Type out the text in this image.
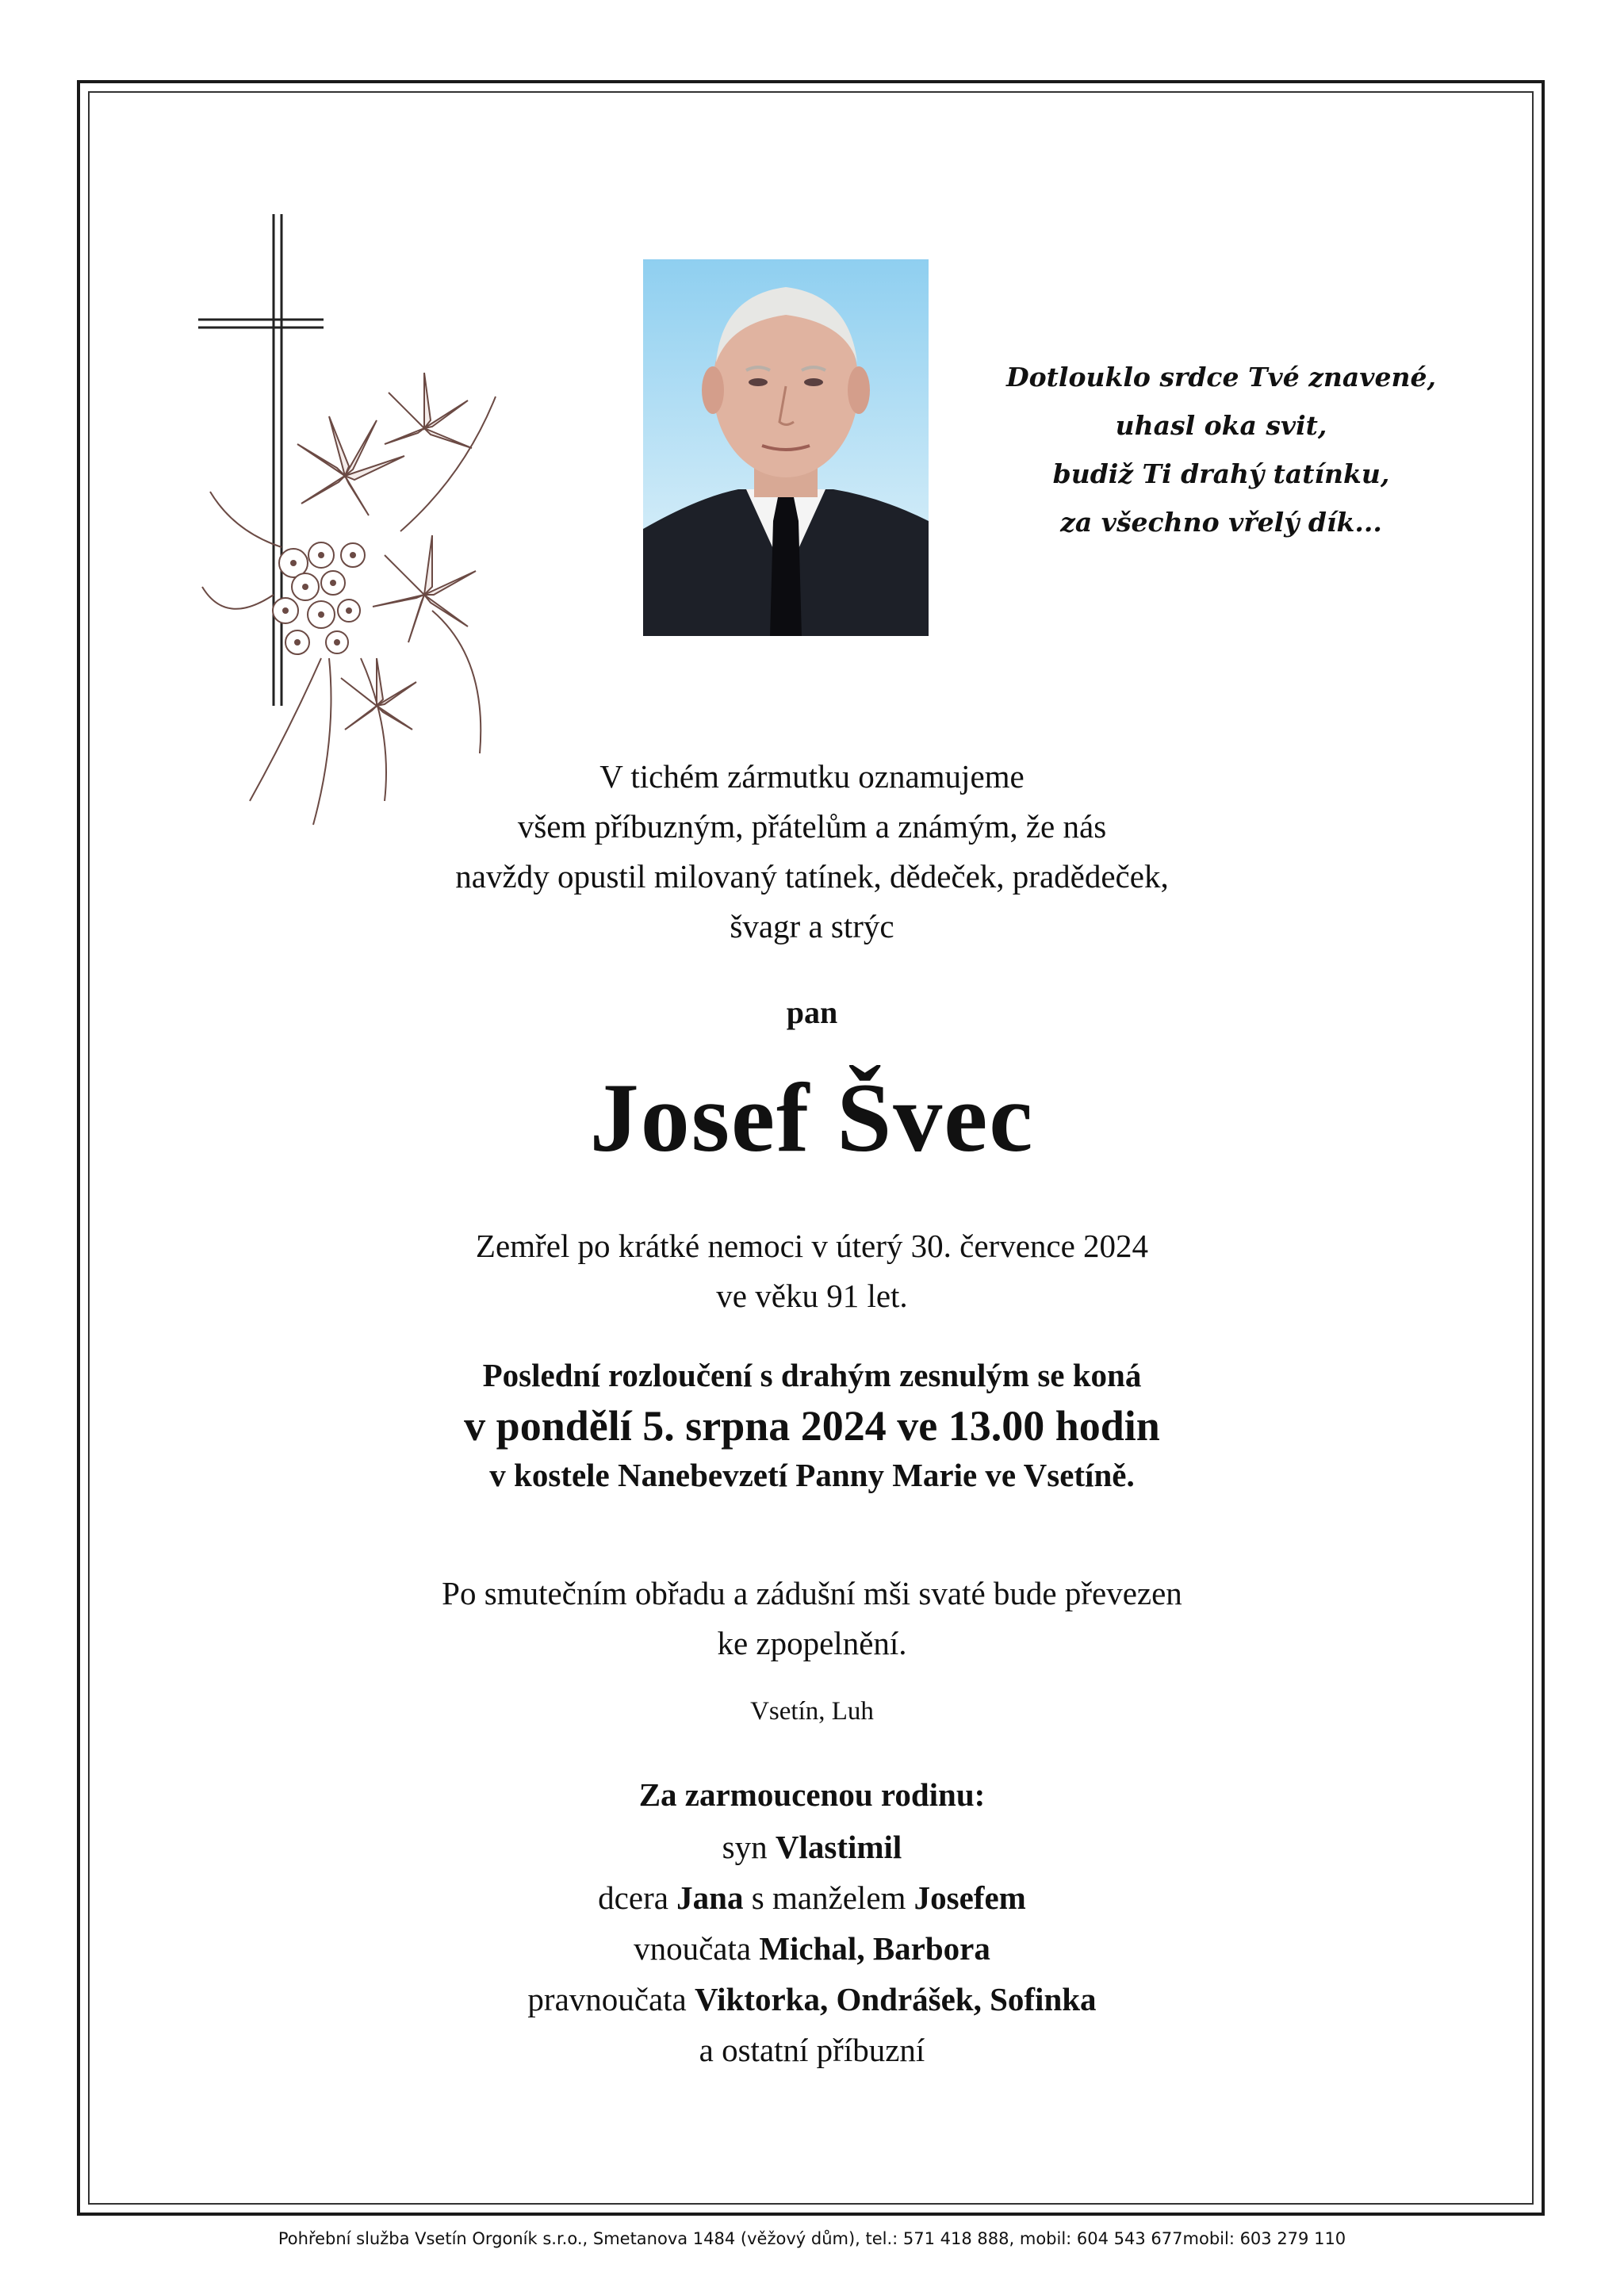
Dotlouklo srdce Tvé znavené,
uhasl oka svit,
budiž Ti drahý tatínku,
za všechno vřelý dík...
V tichém zármutku oznamujeme
všem příbuzným, přátelům a známým, že nás
navždy opustil milovaný tatínek, dědeček, pradědeček,
švagr a strýc
pan
Josef Švec
Zemřel po krátké nemoci v úterý 30. července 2024
ve věku 91 let.
Poslední rozloučení s drahým zesnulým se koná
v pondělí 5. srpna 2024 ve 13.00 hodin
v kostele Nanebevzetí Panny Marie ve Vsetíně.
Po smutečním obřadu a zádušní mši svaté bude převezen
ke zpopelnění.
Vsetín, Luh
Za zarmoucenou rodinu:
syn Vlastimil
dcera Jana s manželem Josefem
vnoučata Michal, Barbora
pravnoučata Viktorka, Ondrášek, Sofinka
a ostatní příbuzní
Pohřební služba Vsetín Orgoník s.r.o., Smetanova 1484 (věžový dům), tel.: 571 418 888, mobil: 604 543 677mobil: 603 279 110
